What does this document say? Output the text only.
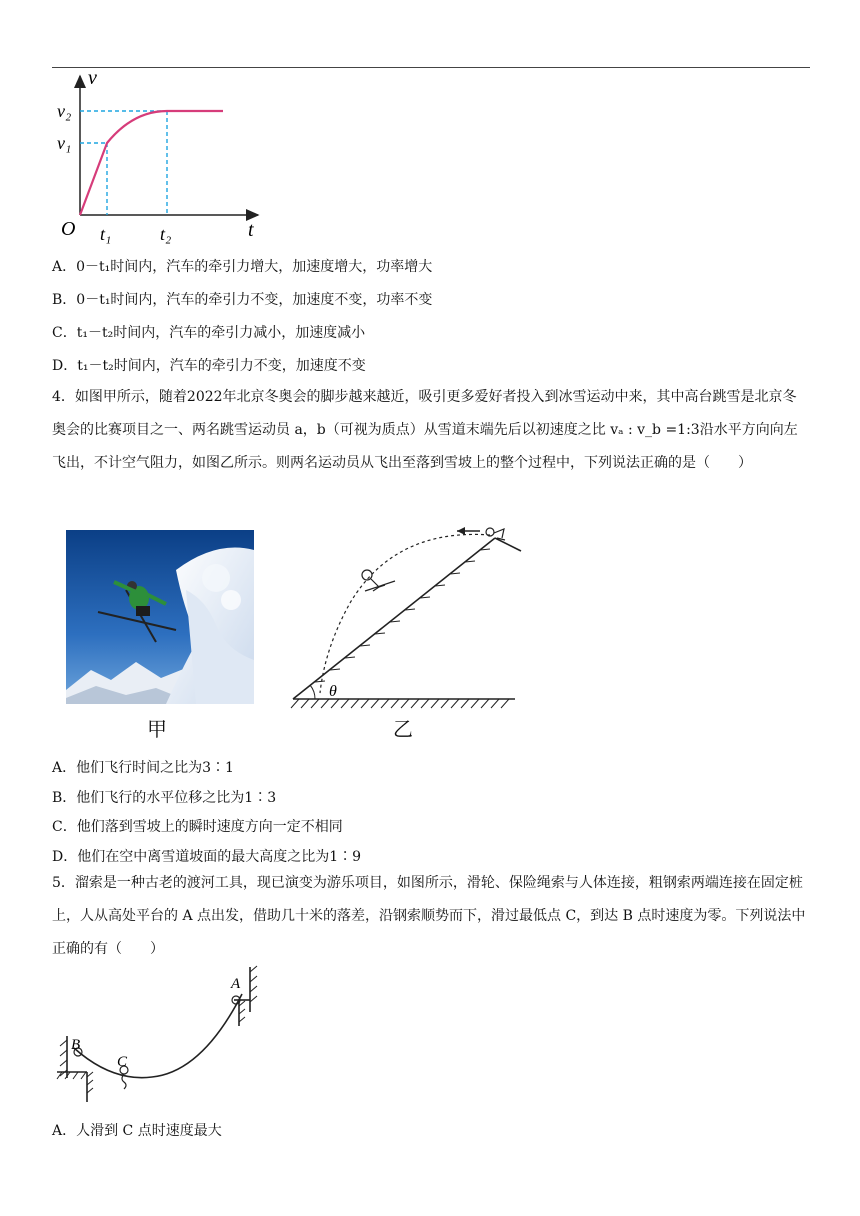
v
t
O
v₁
v₂
t₁	t₂
A．0－t₁时间内，汽车的牵引力增大，加速度增大，功率增大
B．0－t₁时间内，汽车的牵引力不变，加速度不变，功率不变
C．t₁－t₂时间内，汽车的牵引力减小，加速度减小
D．t₁－t₂时间内，汽车的牵引力不变，加速度不变
4．如图甲所示，随着2022年北京冬奥会的脚步越来越近，吸引更多爱好者投入到冰雪运动中来，其中高台跳雪是北京冬奥会的比赛项目之一、两名跳雪运动员 a，b（可视为质点）从雪道末端先后以初速度之比 vₐ : v_b =1:3沿水平方向向左飞出，不计空气阻力，如图乙所示。则两名运动员从飞出至落到雪坡上的整个过程中，下列说法正确的是（　　）
甲
θ
乙
A．他们飞行时间之比为3∶1
B．他们飞行的水平位移之比为1∶3
C．他们落到雪坡上的瞬时速度方向一定不相同
D．他们在空中离雪道坡面的最大高度之比为1∶9
5．溜索是一种古老的渡河工具，现已演变为游乐项目，如图所示，滑轮、保险绳索与人体连接，粗钢索两端连接在固定桩上，人从高处平台的 A 点出发，借助几十米的落差，沿钢索顺势而下，滑过最低点 C，到达 B 点时速度为零。下列说法中正确的有（　　）
B
C
A
A．人滑到 C 点时速度最大
